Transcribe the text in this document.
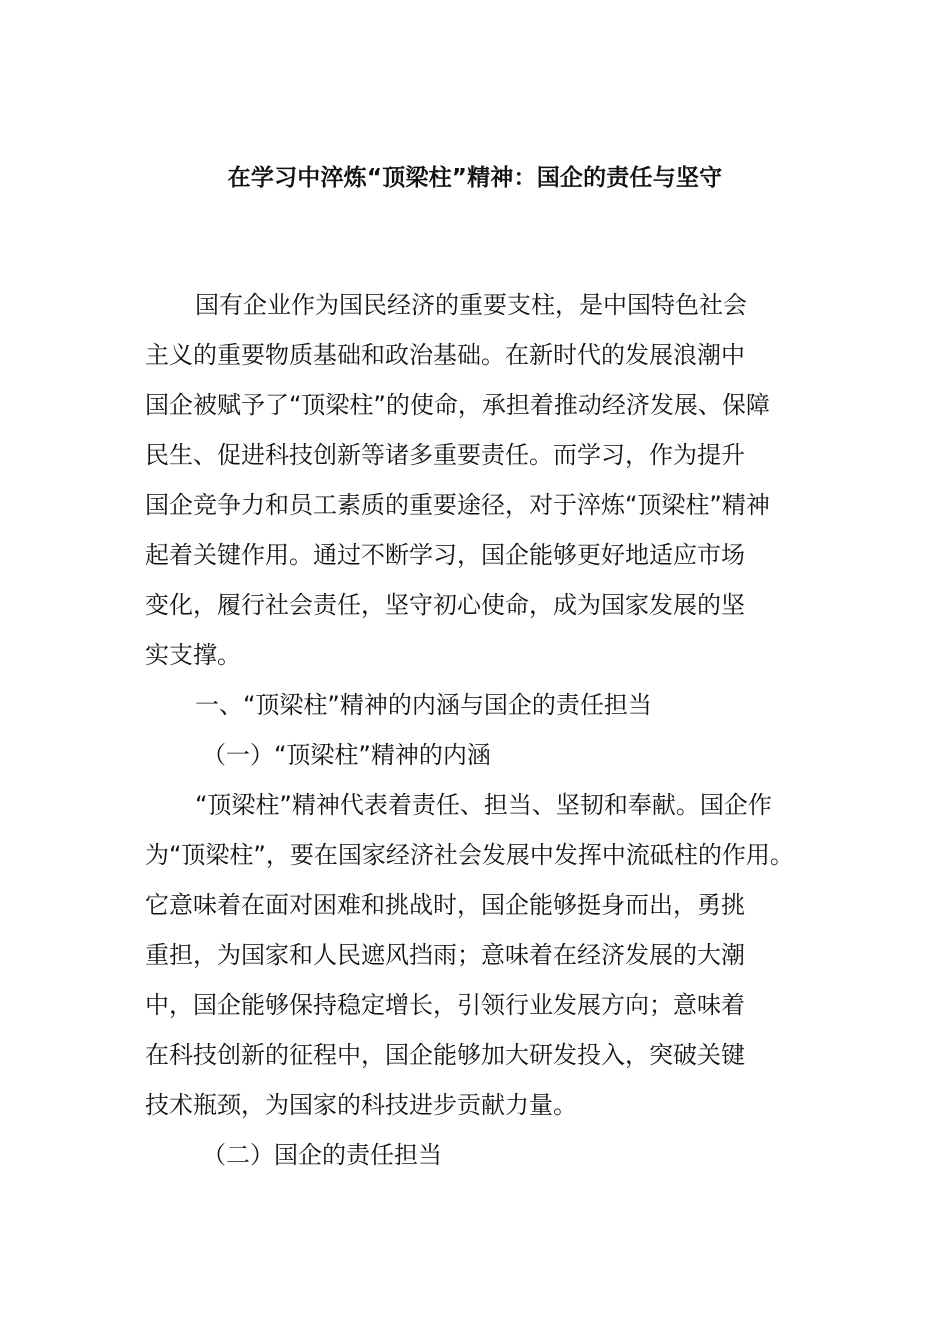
在学习中淬炼“顶梁柱”精神：国企的责任与坚守
国有企业作为国民经济的重要支柱，是中国特色社会
主义的重要物质基础和政治基础。在新时代的发展浪潮中
国企被赋予了“顶梁柱”的使命，承担着推动经济发展、保障
民生、促进科技创新等诸多重要责任。而学习，作为提升
国企竞争力和员工素质的重要途径，对于淬炼“顶梁柱”精神
起着关键作用。通过不断学习，国企能够更好地适应市场
变化，履行社会责任，坚守初心使命，成为国家发展的坚
实支撑。
一、“顶梁柱”精神的内涵与国企的责任担当
（一）“顶梁柱”精神的内涵
“顶梁柱”精神代表着责任、担当、坚韧和奉献。国企作
为“顶梁柱”，要在国家经济社会发展中发挥中流砥柱的作用。
它意味着在面对困难和挑战时，国企能够挺身而出，勇挑
重担，为国家和人民遮风挡雨；意味着在经济发展的大潮
中，国企能够保持稳定增长，引领行业发展方向；意味着
在科技创新的征程中，国企能够加大研发投入，突破关键
技术瓶颈，为国家的科技进步贡献力量。
（二）国企的责任担当
